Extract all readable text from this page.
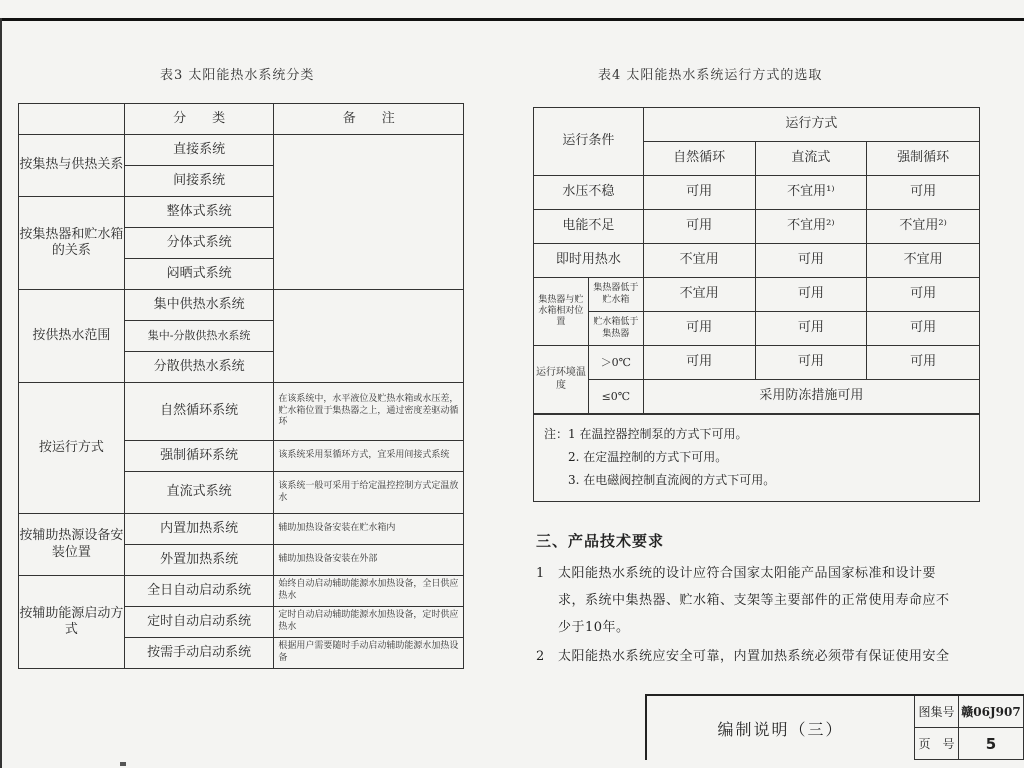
表3 太阳能热水系统分类	表4 太阳能热水系统运行方式的选取
	分　　类	备　　注
按集热与供热关系	直接系统	
	间接系统	
按集热器和贮水箱的关系	整体式系统	
	分体式系统	
	闷晒式系统	
按供热水范围	集中供热水系统	
	集中-分散供热水系统	
	分散供热水系统	
按运行方式	自然循环系统	在该系统中，水平液位及贮热水箱或水压差，贮水箱位置于集热器之上，通过密度差驱动循环
	强制循环系统	该系统采用泵循环方式，宜采用间接式系统
	直流式系统	该系统一般可采用于给定温控控制方式定温放水
按辅助热源设备安装位置	内置加热系统	辅助加热设备安装在贮水箱内
	外置加热系统	辅助加热设备安装在外部
按辅助能源启动方式	全日自动启动系统	始终自动启动辅助能源水加热设备，全日供应热水
	定时自动启动系统	定时自动启动辅助能源水加热设备，定时供应热水
	按需手动启动系统	根据用户需要随时手动启动辅助能源水加热设备
运行条件		运行方式		
		自然循环	直流式	强制循环
水压不稳		可用	不宜用¹⁾	可用
电能不足		可用	不宜用²⁾	不宜用²⁾
即时用热水		不宜用	可用	不宜用
集热器与贮水箱相对位置	集热器低于贮水箱	不宜用	可用	可用
	贮水箱低于集热器	可用	可用	可用
运行环境温度	＞0℃	可用	可用	可用
	≤0℃	采用防冻措施可用		
注：1 在温控器控制泵的方式下可用。
2. 在定温控制的方式下可用。
3. 在电磁阀控制直流阀的方式下可用。
三、产品技术要求
1 太阳能热水系统的设计应符合国家太阳能产品国家标准和设计要
求，系统中集热器、贮水箱、支架等主要部件的正常使用寿命应不
少于10年。
2 太阳能热水系统应安全可靠，内置加热系统必须带有保证使用安全
编制说明（三）
图集号 赣06J907
页　号	5
